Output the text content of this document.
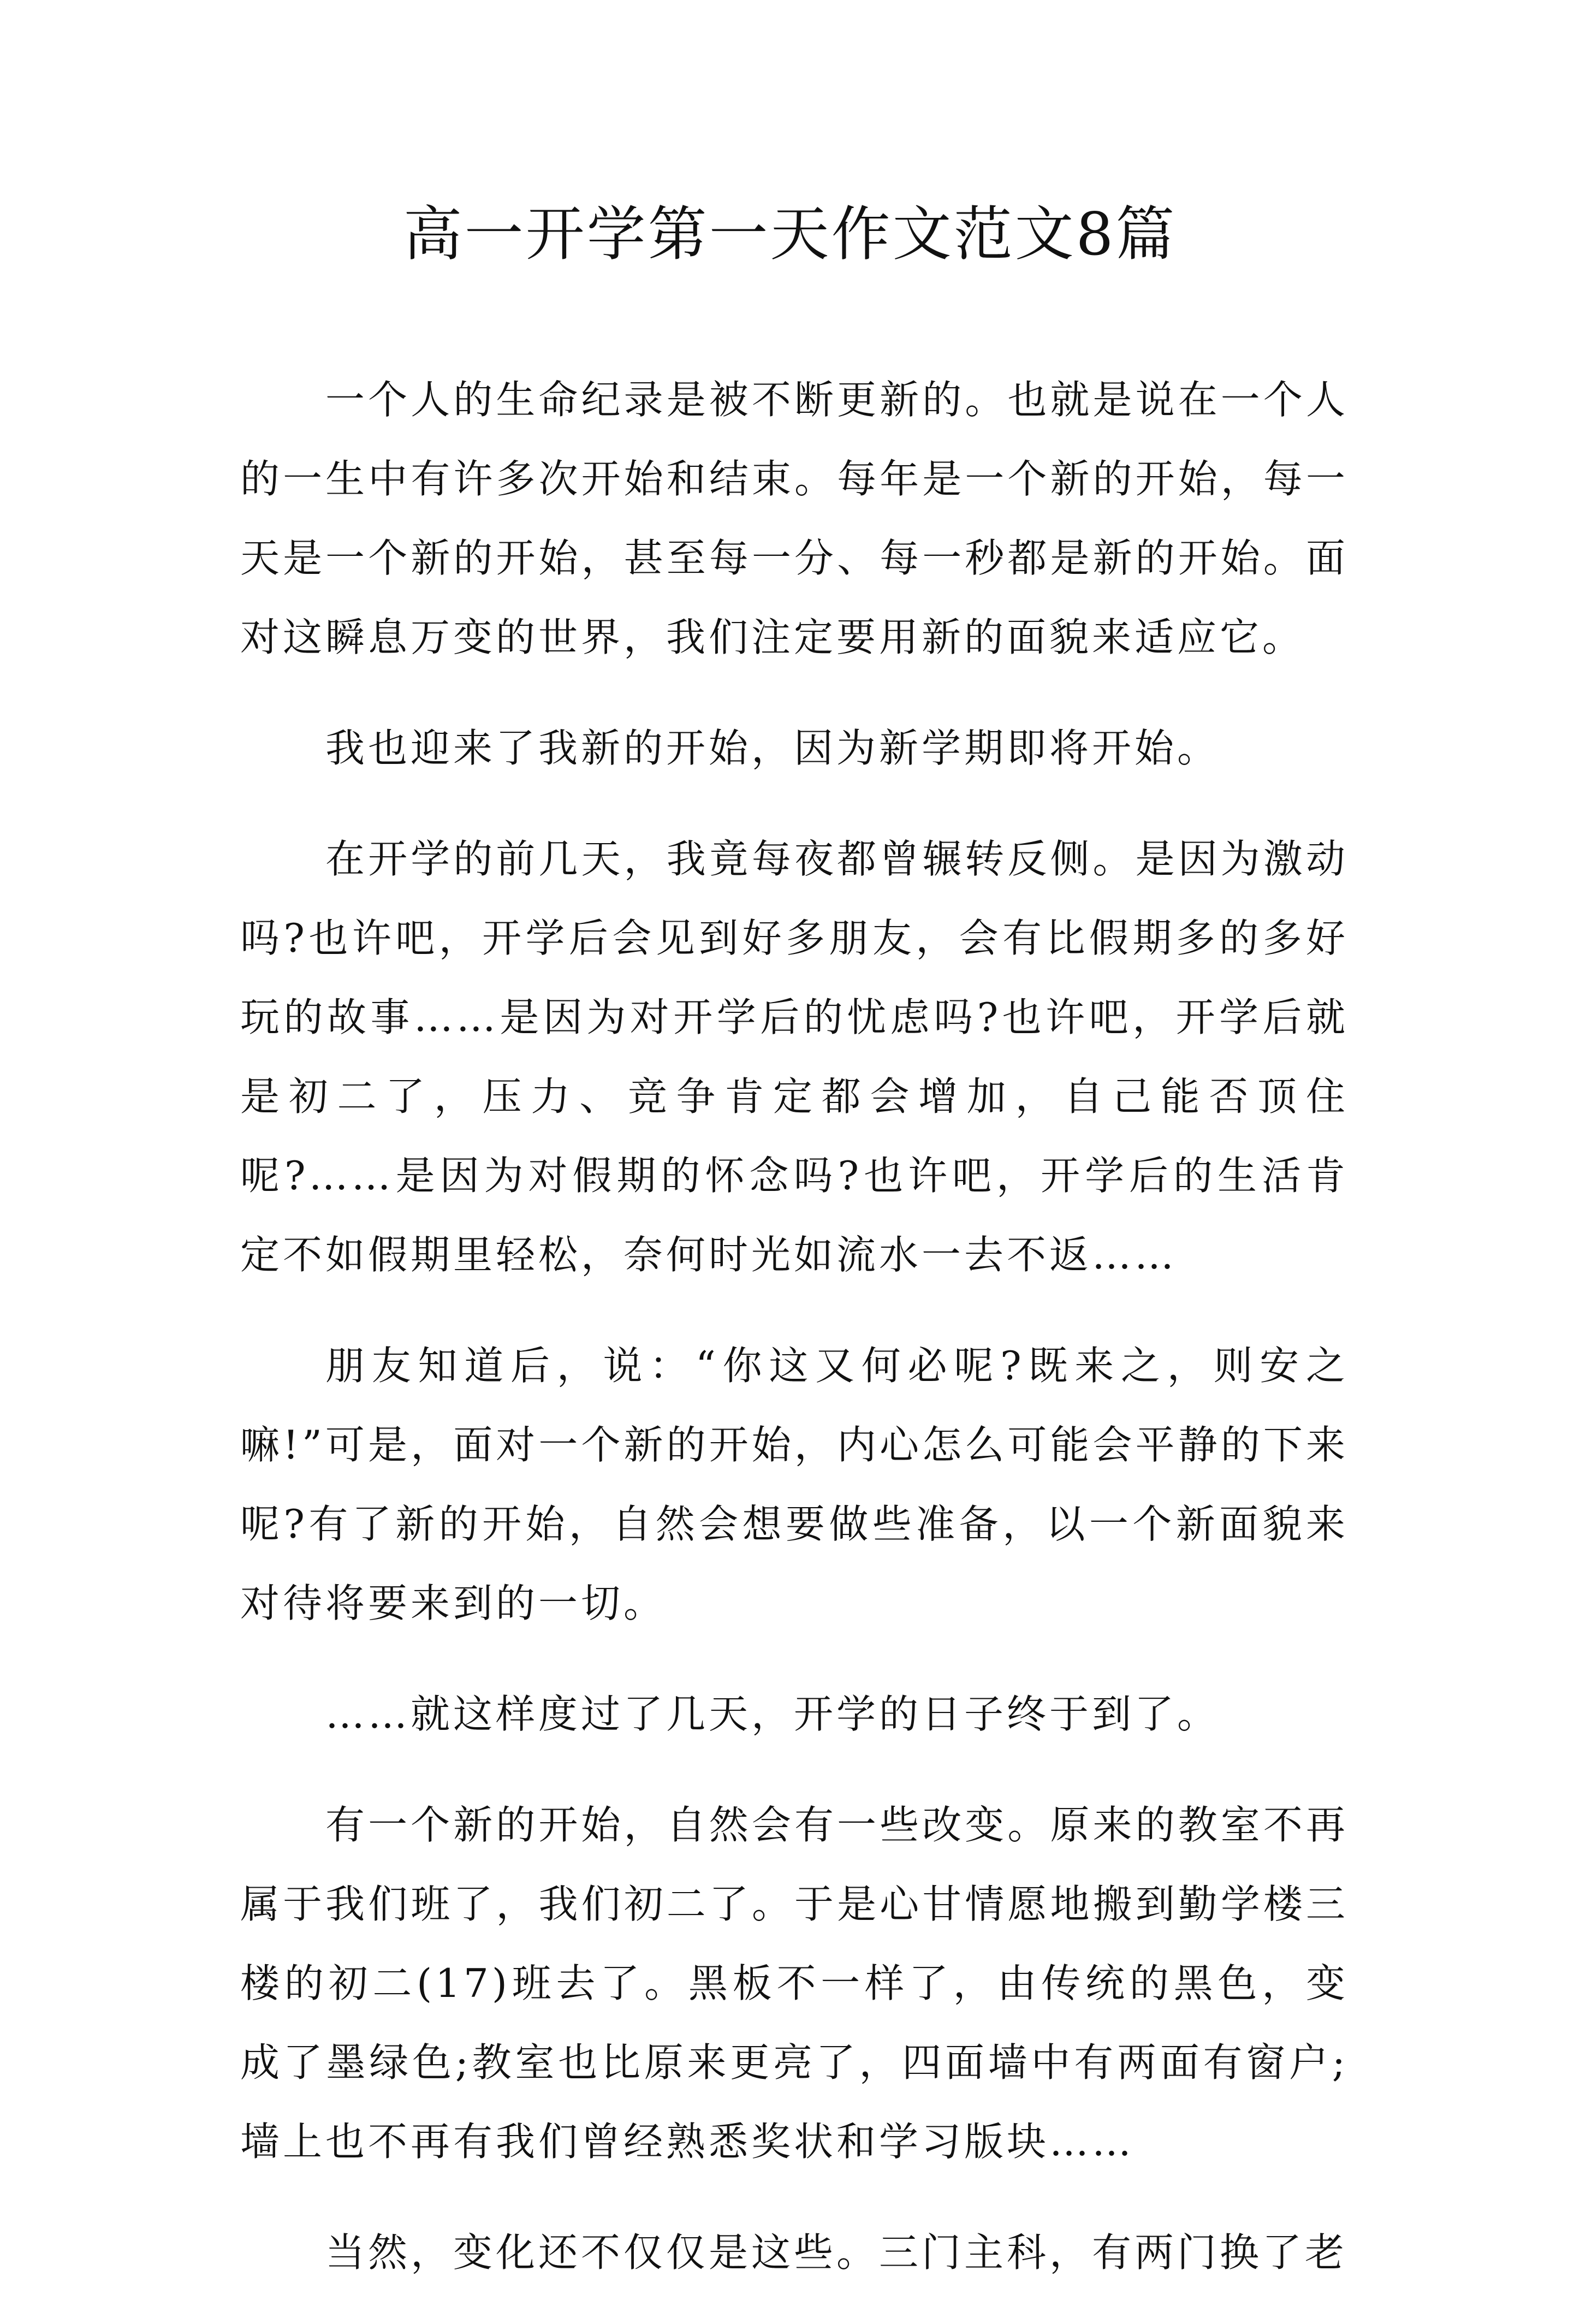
高一开学第一天作文范文8篇

一个人的生命纪录是被不断更新的。也就是说在一个人的一生中有许多次开始和结束。每年是一个新的开始，每一天是一个新的开始，甚至每一分、每一秒都是新的开始。面对这瞬息万变的世界，我们注定要用新的面貌来适应它。

我也迎来了我新的开始，因为新学期即将开始。

在开学的前几天，我竟每夜都曾辗转反侧。是因为激动吗?也许吧，开学后会见到好多朋友，会有比假期多的多好玩的故事……是因为对开学后的忧虑吗?也许吧，开学后就是初二了，压力、竞争肯定都会增加，自己能否顶住呢?……是因为对假期的怀念吗?也许吧，开学后的生活肯定不如假期里轻松，奈何时光如流水一去不返……

朋友知道后，说：“你这又何必呢?既来之，则安之嘛!”可是，面对一个新的开始，内心怎么可能会平静的下来呢?有了新的开始，自然会想要做些准备，以一个新面貌来对待将要来到的一切。

……就这样度过了几天，开学的日子终于到了。

有一个新的开始，自然会有一些改变。原来的教室不再属于我们班了，我们初二了。于是心甘情愿地搬到勤学楼三楼的初二(17)班去了。黑板不一样了，由传统的黑色，变成了墨绿色;教室也比原来更亮了，四面墙中有两面有窗户;墙上也不再有我们曾经熟悉奖状和学习版块……

当然，变化还不仅仅是这些。三门主科，有两门换了老
